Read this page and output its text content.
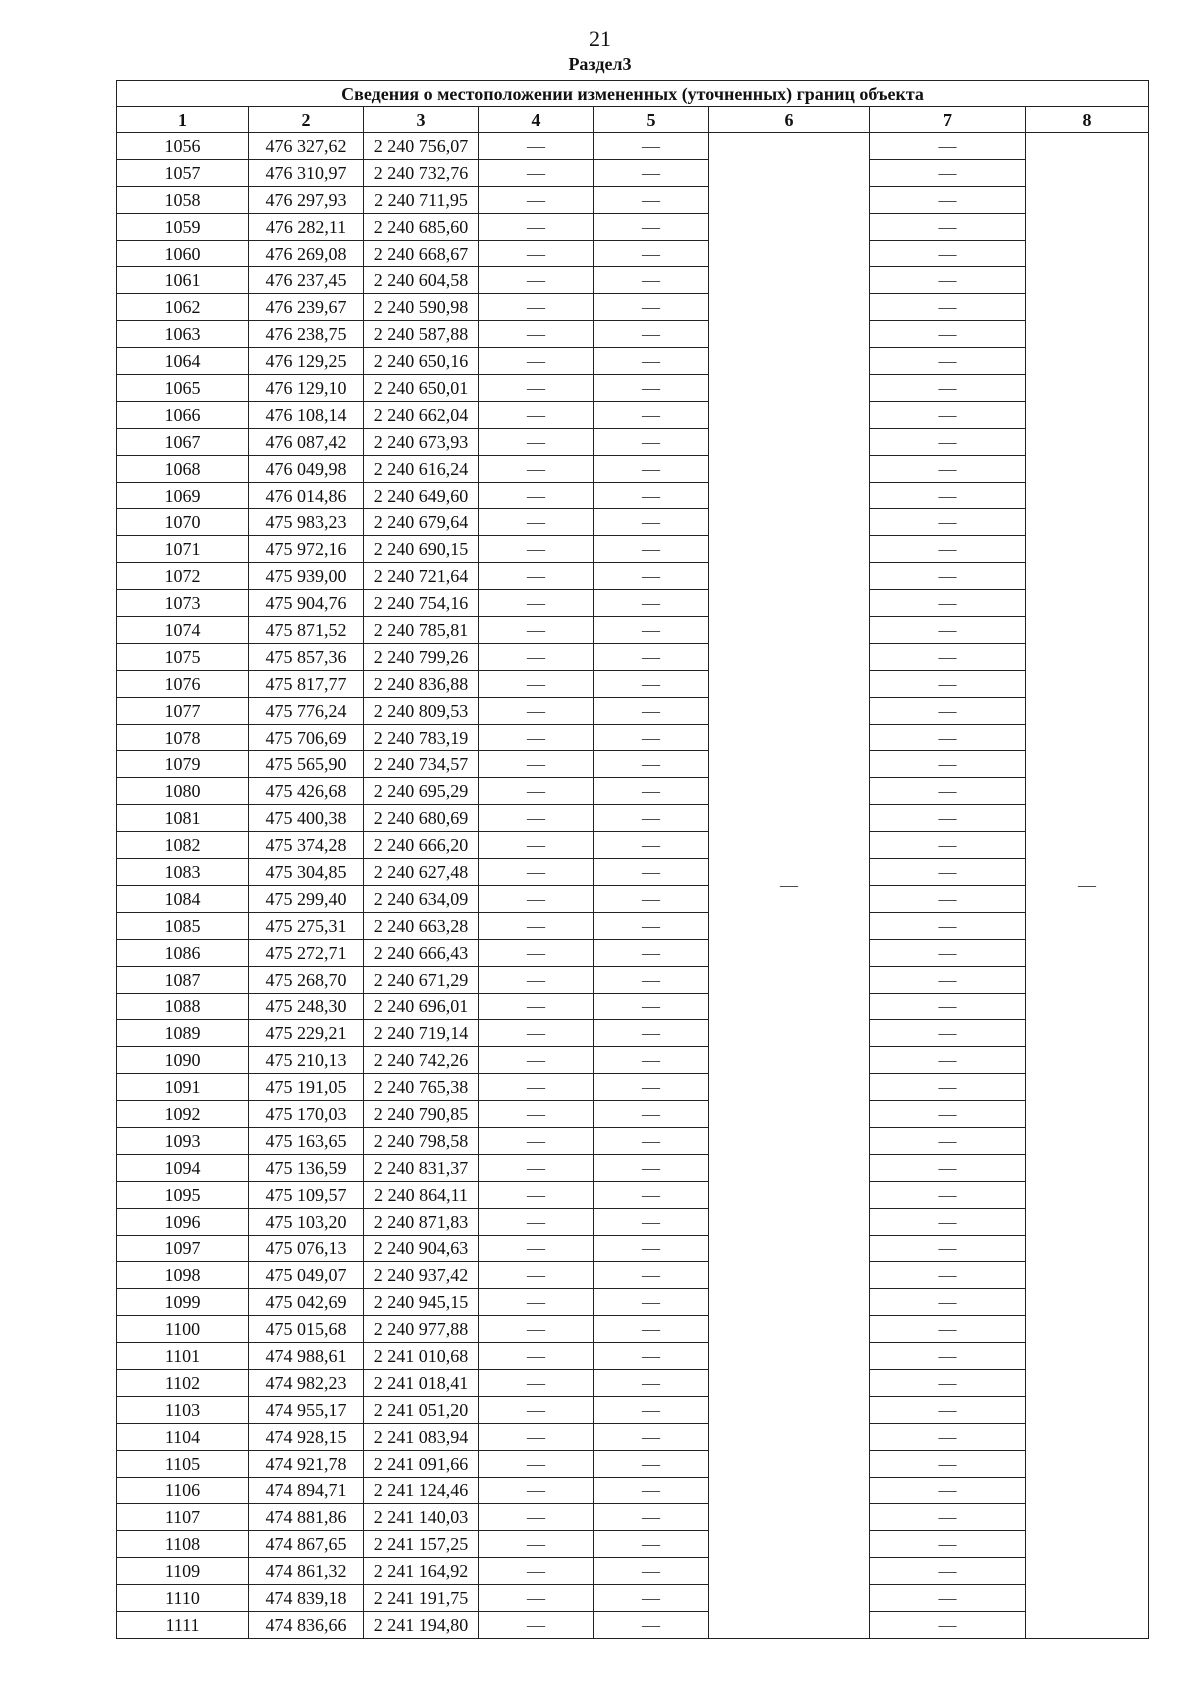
21
Раздел3
Сведения о местоположении измененных (уточненных) границ объекта							
1	2	3	4	5	6	7	8
1056	476 327,62	2 240 756,07	—	—	—	—	—
1057	476 310,97	2 240 732,76	—	—		—	
1058	476 297,93	2 240 711,95	—	—		—	
1059	476 282,11	2 240 685,60	—	—		—	
1060	476 269,08	2 240 668,67	—	—		—	
1061	476 237,45	2 240 604,58	—	—		—	
1062	476 239,67	2 240 590,98	—	—		—	
1063	476 238,75	2 240 587,88	—	—		—	
1064	476 129,25	2 240 650,16	—	—		—	
1065	476 129,10	2 240 650,01	—	—		—	
1066	476 108,14	2 240 662,04	—	—		—	
1067	476 087,42	2 240 673,93	—	—		—	
1068	476 049,98	2 240 616,24	—	—		—	
1069	476 014,86	2 240 649,60	—	—		—	
1070	475 983,23	2 240 679,64	—	—		—	
1071	475 972,16	2 240 690,15	—	—		—	
1072	475 939,00	2 240 721,64	—	—		—	
1073	475 904,76	2 240 754,16	—	—		—	
1074	475 871,52	2 240 785,81	—	—		—	
1075	475 857,36	2 240 799,26	—	—		—	
1076	475 817,77	2 240 836,88	—	—		—	
1077	475 776,24	2 240 809,53	—	—		—	
1078	475 706,69	2 240 783,19	—	—		—	
1079	475 565,90	2 240 734,57	—	—		—	
1080	475 426,68	2 240 695,29	—	—		—	
1081	475 400,38	2 240 680,69	—	—		—	
1082	475 374,28	2 240 666,20	—	—		—	
1083	475 304,85	2 240 627,48	—	—		—	
1084	475 299,40	2 240 634,09	—	—		—	
1085	475 275,31	2 240 663,28	—	—		—	
1086	475 272,71	2 240 666,43	—	—		—	
1087	475 268,70	2 240 671,29	—	—		—	
1088	475 248,30	2 240 696,01	—	—		—	
1089	475 229,21	2 240 719,14	—	—		—	
1090	475 210,13	2 240 742,26	—	—		—	
1091	475 191,05	2 240 765,38	—	—		—	
1092	475 170,03	2 240 790,85	—	—		—	
1093	475 163,65	2 240 798,58	—	—		—	
1094	475 136,59	2 240 831,37	—	—		—	
1095	475 109,57	2 240 864,11	—	—		—	
1096	475 103,20	2 240 871,83	—	—		—	
1097	475 076,13	2 240 904,63	—	—		—	
1098	475 049,07	2 240 937,42	—	—		—	
1099	475 042,69	2 240 945,15	—	—		—	
1100	475 015,68	2 240 977,88	—	—		—	
1101	474 988,61	2 241 010,68	—	—		—	
1102	474 982,23	2 241 018,41	—	—		—	
1103	474 955,17	2 241 051,20	—	—		—	
1104	474 928,15	2 241 083,94	—	—		—	
1105	474 921,78	2 241 091,66	—	—		—	
1106	474 894,71	2 241 124,46	—	—		—	
1107	474 881,86	2 241 140,03	—	—		—	
1108	474 867,65	2 241 157,25	—	—		—	
1109	474 861,32	2 241 164,92	—	—		—	
1110	474 839,18	2 241 191,75	—	—		—	
1111	474 836,66	2 241 194,80	—	—		—	
